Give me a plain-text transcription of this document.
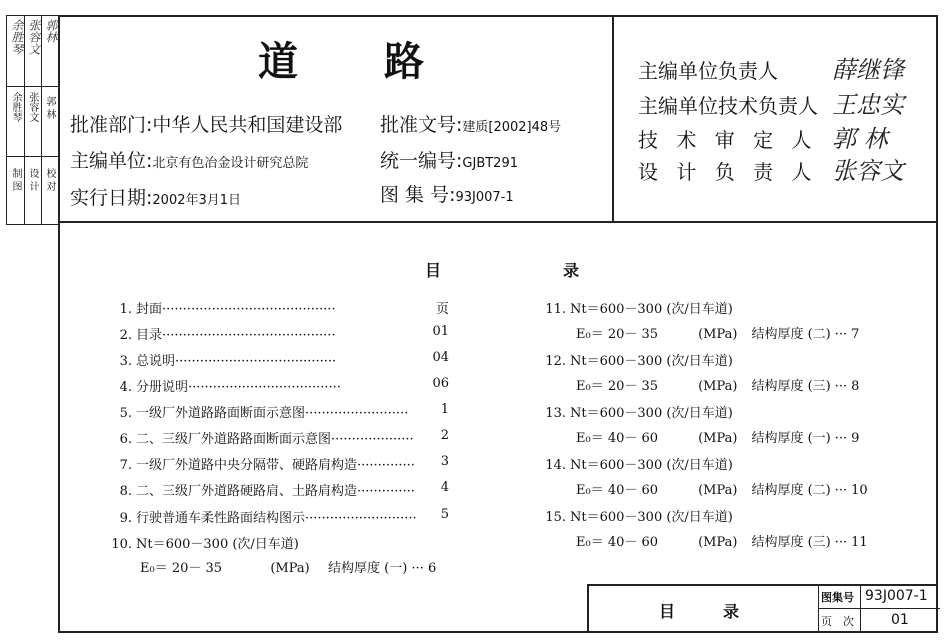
郭林
郭 林
校 对
张容文
张容文
设 计
余胜琴
余胜琴
制 图
道　　路
批准部门:中华人民共和国建设部
主编单位:北京有色冶金设计研究总院
实行日期:2002年3月1日
批准文号:建质[2002]48号
统一编号:GJBT291
图 集 号:93J007-1
主编单位负责人 薛继锋
主编单位技术负责人 王忠实
技 术 审 定 人 郭 林
设 计 负 责 人 张容文
目	录
1. 封面··········································	页
2. 目录··········································	01
3. 总说明·······································	04
4. 分册说明·····································	06
5. 一级厂外道路路面断面示意图························· 1
6. 二、三级厂外道路路面断面示意图···················· 2
7. 一级厂外道路中央分隔带、硬路肩构造·············· 3
8. 二、三级厂外道路硬路肩、土路肩构造·············· 4
9. 行驶普通车柔性路面结构图示··························· 5
10. Nt＝600－300 (次/日车道)
E₀＝ 20－ 35	(MPa) 结构厚度 (一) ··· 6
11. Nt＝600－300 (次/日车道)
E₀＝ 20－ 35	(MPa) 结构厚度 (二) ··· 7
12. Nt＝600－300 (次/日车道)
E₀＝ 20－ 35	(MPa) 结构厚度 (三) ··· 8
13. Nt＝600－300 (次/日车道)
E₀＝ 40－ 60	(MPa) 结构厚度 (一) ··· 9
14. Nt＝600－300 (次/日车道)
E₀＝ 40－ 60	(MPa) 结构厚度 (二) ··· 10
15. Nt＝600－300 (次/日车道)
E₀＝ 40－ 60	(MPa) 结构厚度 (三) ··· 11
目　　　录
图集号 93J007-1
页　次	01
